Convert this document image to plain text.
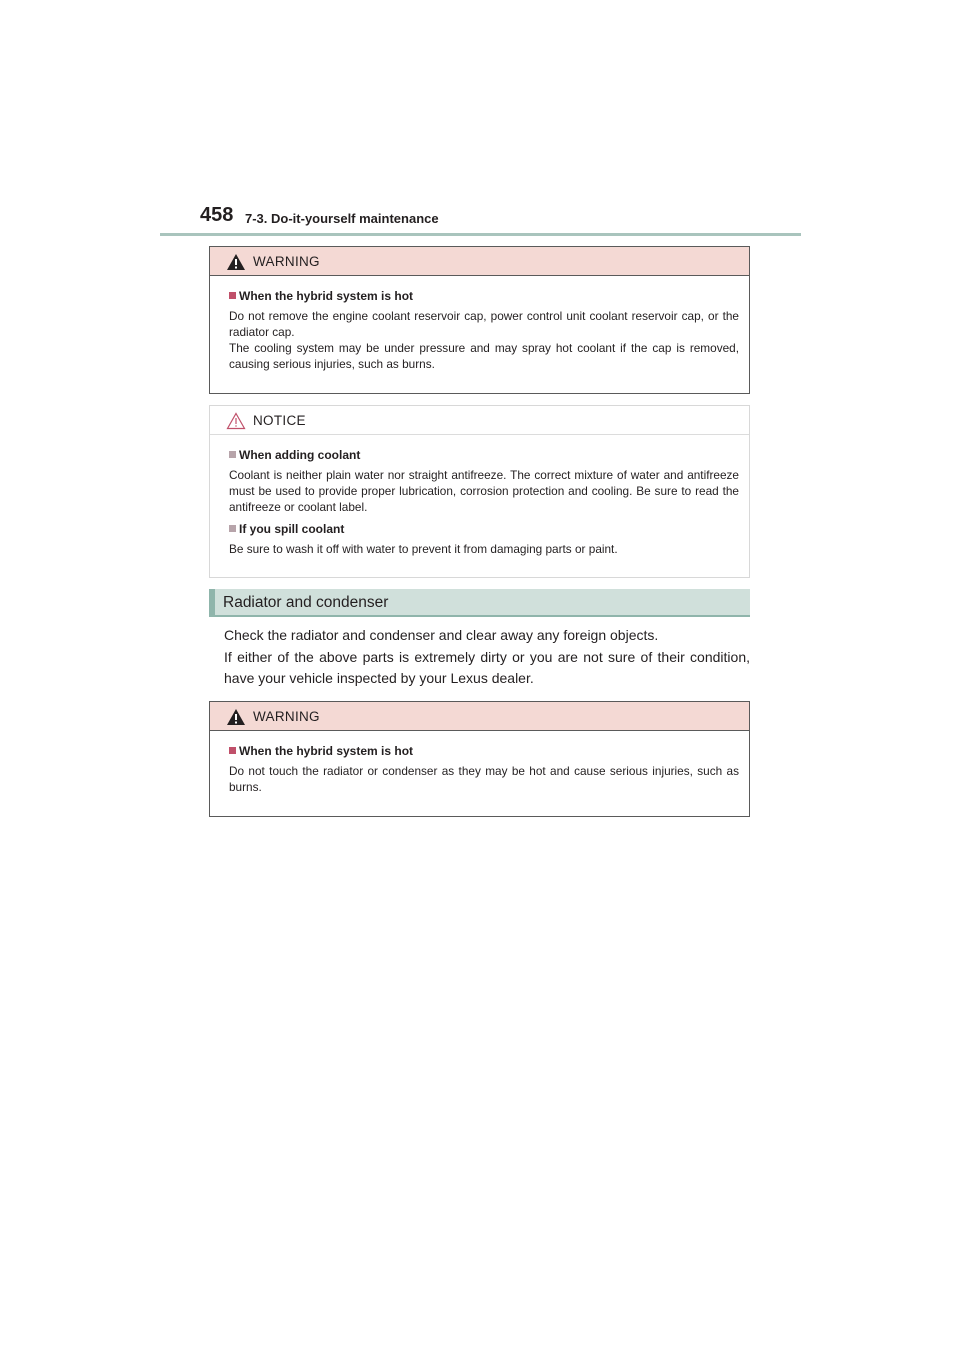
458 7-3. Do-it-yourself maintenance
WARNING

When the hybrid system is hot

Do not remove the engine coolant reservoir cap, power control unit coolant reservoir cap, or the radiator cap.
The cooling system may be under pressure and may spray hot coolant if the cap is removed, causing serious injuries, such as burns.

NOTICE

When adding coolant

Coolant is neither plain water nor straight antifreeze. The correct mixture of water and antifreeze must be used to provide proper lubrication, corrosion protection and cooling. Be sure to read the antifreeze or coolant label.

If you spill coolant

Be sure to wash it off with water to prevent it from damaging parts or paint.

Radiator and condenser

Check the radiator and condenser and clear away any foreign objects.

If either of the above parts is extremely dirty or you are not sure of their condition, have your vehicle inspected by your Lexus dealer.

WARNING

When the hybrid system is hot

Do not touch the radiator or condenser as they may be hot and cause serious injuries, such as burns.
